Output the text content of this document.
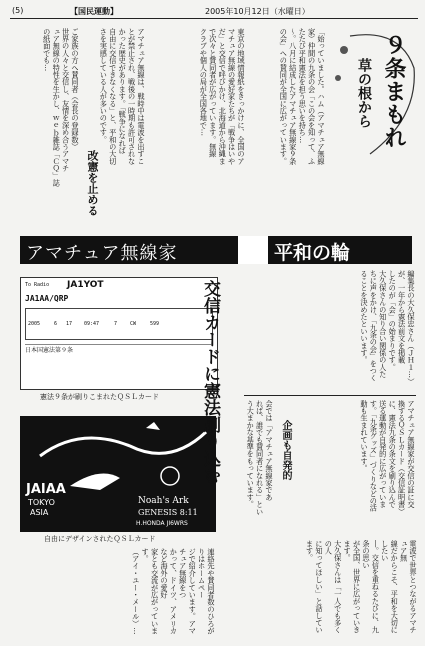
(5)	【国民運動】	2005年10月12日（水曜日）
９条まもれ
草の根から
「始っていました。ハム（アマチュア無線
家）仲間の九条の会「この会を知って、ふ
たたび平和憲法を担う思いを持ち…
〜。八月に結成したアマチュア無線家９条
の会」への賛同が全国に広がっています。
東京の地域情報紙をきっかけに、全国のア
マチュア無線の愛好家たちが「戦争はいや
だ」と交信で呼びかけ、北海道から沖縄ま
で次々と賛同者が広がっています。無線
クラブや個人の局が全国各地で…
アマチュア無線は、戦時中は電波を出すこ
とが禁止され、戦後の一時期も許可されな
かった歴史があります。「戦争になれば
自由に交信できなくなる」と、平和の大切
さを実感している人が多いのです。
改憲を止める
ご家族の方へ賛同者（会長の登録数）
世界の人々と交信し、友情を深め合うアマチ
ュア無線の特性を生かし、ｗｅｂ雑誌「ＣＱ」誌
の紙面でも…
アマチュア無線家	平和の輪
To Radio JA1YOT
JA1AA/QRP
2005	6 17 09:47	7	CW	599
日本国憲法第９条
憲法９条が刷りこまれたＱＳＬカード
JAIAA
TOKYO
ASIA
Noah's Ark
GENESIS 8:11
H.HONDA JI6WRS
自由にデザインされたＱＳＬカード
連絡先や賛同者数のひろがりはホームペー
ジで紹介しています。アマチュア無線をつ
かって、ドイツ、アメリカなど海外の愛好
家とも交流が広がっています。
（アイ・ユー・メール）…
交信カードに憲法刷り込む	編集長の大久保忠さん（ＪＨ１…）
が、一年から憲法前文を掲載
したのが「会」の始まりです。
大久保さんの知り合い関係の人た
ちに声をかけ、「九条の会」をつく
ることを決めたといいます。
アマチュア無線家が交信の証に交
換するＱＳＬカード（交信証明書）
に、憲法九条の条文を刷り込んで
送る運動が自発的に広がっていま
す。「九条グッズ」づくりなどの活
動も生まれています。
企画も自発的
会では「アマチュア無線家であ
れば、誰でも賛同者になれる」とい
う大まかな基準をもっています。
電波で世界とつながるアマチュア無
線だからこそ、平和を大切にしたい
―。交信を重ねるたびに、九条の思い
が全国、世界に広がっていきます。
大久保さんは「一人でも多くの人
に知ってほしい」と話しています。
